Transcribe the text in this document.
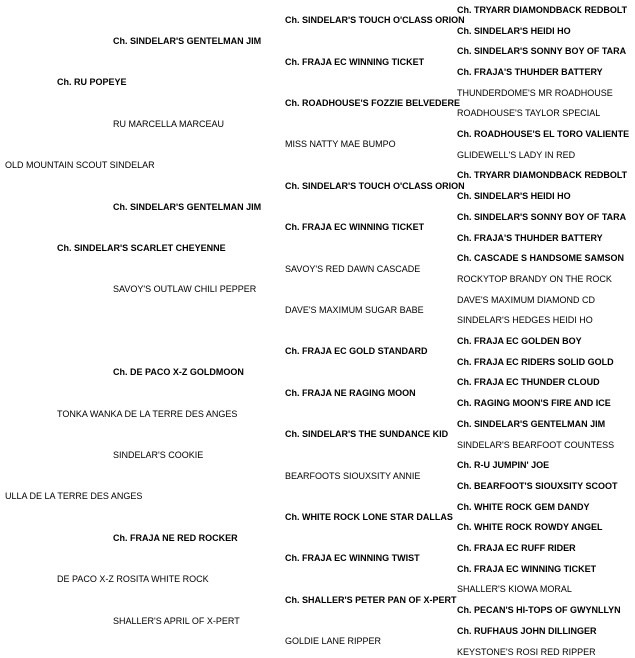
OLD MOUNTAIN SCOUT SINDELAR
ULLA DE LA TERRE DES ANGES
Ch. RU POPEYE
Ch. SINDELAR'S SCARLET CHEYENNE
TONKA WANKA DE LA TERRE DES ANGES
DE PACO X-Z ROSITA WHITE ROCK
Ch. SINDELAR'S GENTELMAN JIM
RU MARCELLA MARCEAU
Ch. SINDELAR'S GENTELMAN JIM
SAVOY'S OUTLAW CHILI PEPPER
Ch. DE PACO X-Z GOLDMOON
SINDELAR'S COOKIE
Ch. FRAJA NE RED ROCKER
SHALLER'S APRIL OF X-PERT
Ch. SINDELAR'S TOUCH O'CLASS ORION
Ch. FRAJA EC WINNING TICKET
Ch. ROADHOUSE'S FOZZIE BELVEDERE
MISS NATTY MAE BUMPO
Ch. SINDELAR'S TOUCH O'CLASS ORION
Ch. FRAJA EC WINNING TICKET
SAVOY'S RED DAWN CASCADE
DAVE'S MAXIMUM SUGAR BABE
Ch. FRAJA EC GOLD STANDARD
Ch. FRAJA NE RAGING MOON
Ch. SINDELAR'S THE SUNDANCE KID
BEARFOOTS SIOUXSITY ANNIE
Ch. WHITE ROCK LONE STAR DALLAS
Ch. FRAJA EC WINNING TWIST
Ch. SHALLER'S PETER PAN OF X-PERT
GOLDIE LANE RIPPER
Ch. TRYARR DIAMONDBACK REDBOLT
Ch. SINDELAR'S HEIDI HO
Ch. SINDELAR'S SONNY BOY OF TARA
Ch. FRAJA'S THUHDER BATTERY
THUNDERDOME'S MR ROADHOUSE
ROADHOUSE'S TAYLOR SPECIAL
Ch. ROADHOUSE'S EL TORO VALIENTE
GLIDEWELL'S LADY IN RED
Ch. TRYARR DIAMONDBACK REDBOLT
Ch. SINDELAR'S HEIDI HO
Ch. SINDELAR'S SONNY BOY OF TARA
Ch. FRAJA'S THUHDER BATTERY
Ch. CASCADE S HANDSOME SAMSON
ROCKYTOP BRANDY ON THE ROCK
DAVE'S MAXIMUM DIAMOND CD
SINDELAR'S HEDGES HEIDI HO
Ch. FRAJA EC GOLDEN BOY
Ch. FRAJA EC RIDERS SOLID GOLD
Ch. FRAJA EC THUNDER CLOUD
Ch. RAGING MOON'S FIRE AND ICE
Ch. SINDELAR'S GENTELMAN JIM
SINDELAR'S BEARFOOT COUNTESS
Ch. R-U JUMPIN' JOE
Ch. BEARFOOT'S SIOUXSITY SCOOT
Ch. WHITE ROCK GEM DANDY
Ch. WHITE ROCK ROWDY ANGEL
Ch. FRAJA EC RUFF RIDER
Ch. FRAJA EC WINNING TICKET
SHALLER'S KIOWA MORAL
Ch. PECAN'S HI-TOPS OF GWYNLLYN
Ch. RUFHAUS JOHN DILLINGER
KEYSTONE'S ROSI RED RIPPER
